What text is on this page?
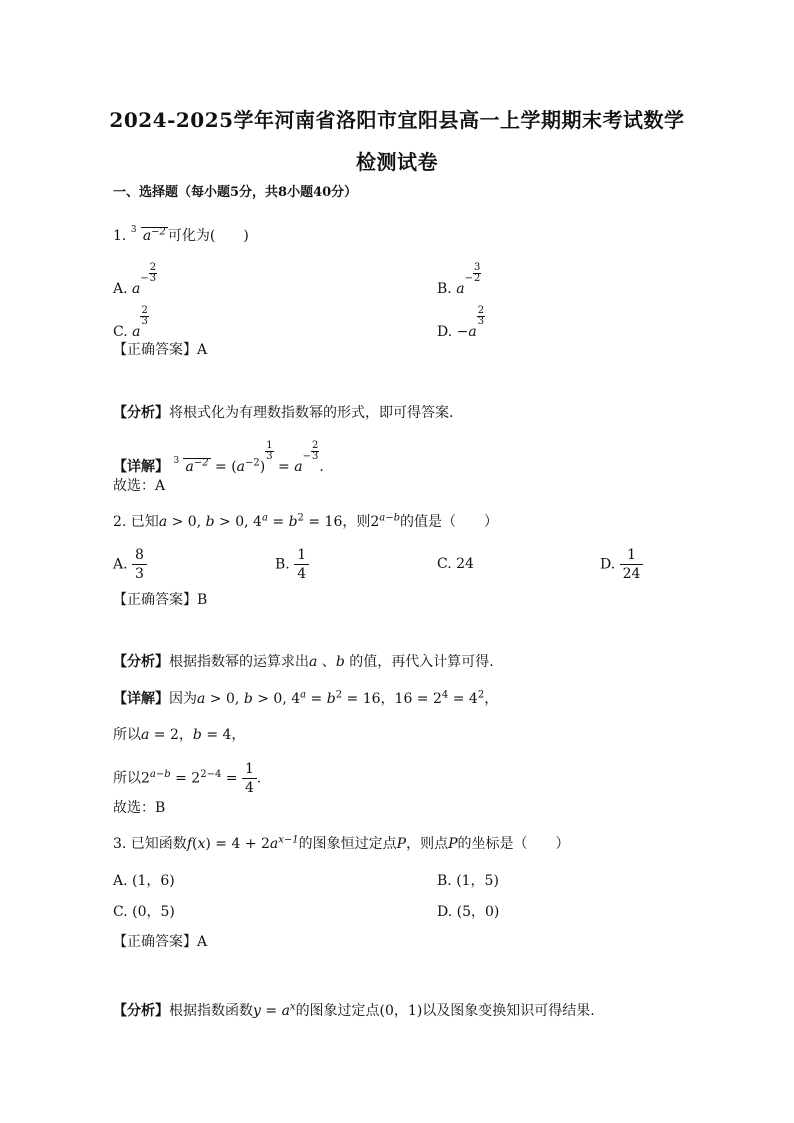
2024-2025学年河南省洛阳市宜阳县高一上学期期末考试数学
检测试卷
一、选择题（每小题5分，共8小题40分）
1. 3 $a^{-2}$ 可化为(　　)
A. a
− $\frac{2}{3}$
B. a
− $\frac{3}{2}$
C. a
$\frac{2}{3}$
D. −a
$\frac{2}{3}$
【正确答案】A
【分析】将根式化为有理数指数幂的形式，即可得答案.
【详解】 3 $a^{-2} = (a^{-2})$
$\frac{1}{3}$
= a
− $\frac{2}{3}$
.
故选：A
2. 已知a > 0, b > 0, $4^a = b^2 = 16$，则$2^{a-b}$的值是（　　）
A. $\frac{8}{3}$	B. $\frac{1}{4}$	C. 24	D. $\frac{1}{24}$
【正确答案】B
【分析】根据指数幂的运算求出a 、b 的值，再代入计算可得.
【详解】因为a > 0, b > 0, $4^a = b^2 = 16$，$16 = 2^4 = 4^2$，
所以a = 2，b = 4，
所以$2^{a-b} = 2^{2-4} = \frac{1}{4}$ .
故选：B
3. 已知函数$f(x) = 4 + 2a^{x-1}$的图象恒过定点P，则点P的坐标是（　　）
A. (1，6)	B. (1，5)
C. (0，5)	D. (5，0)
【正确答案】A
【分析】根据指数函数$y = a^x$的图象过定点(0，1)以及图象变换知识可得结果.
